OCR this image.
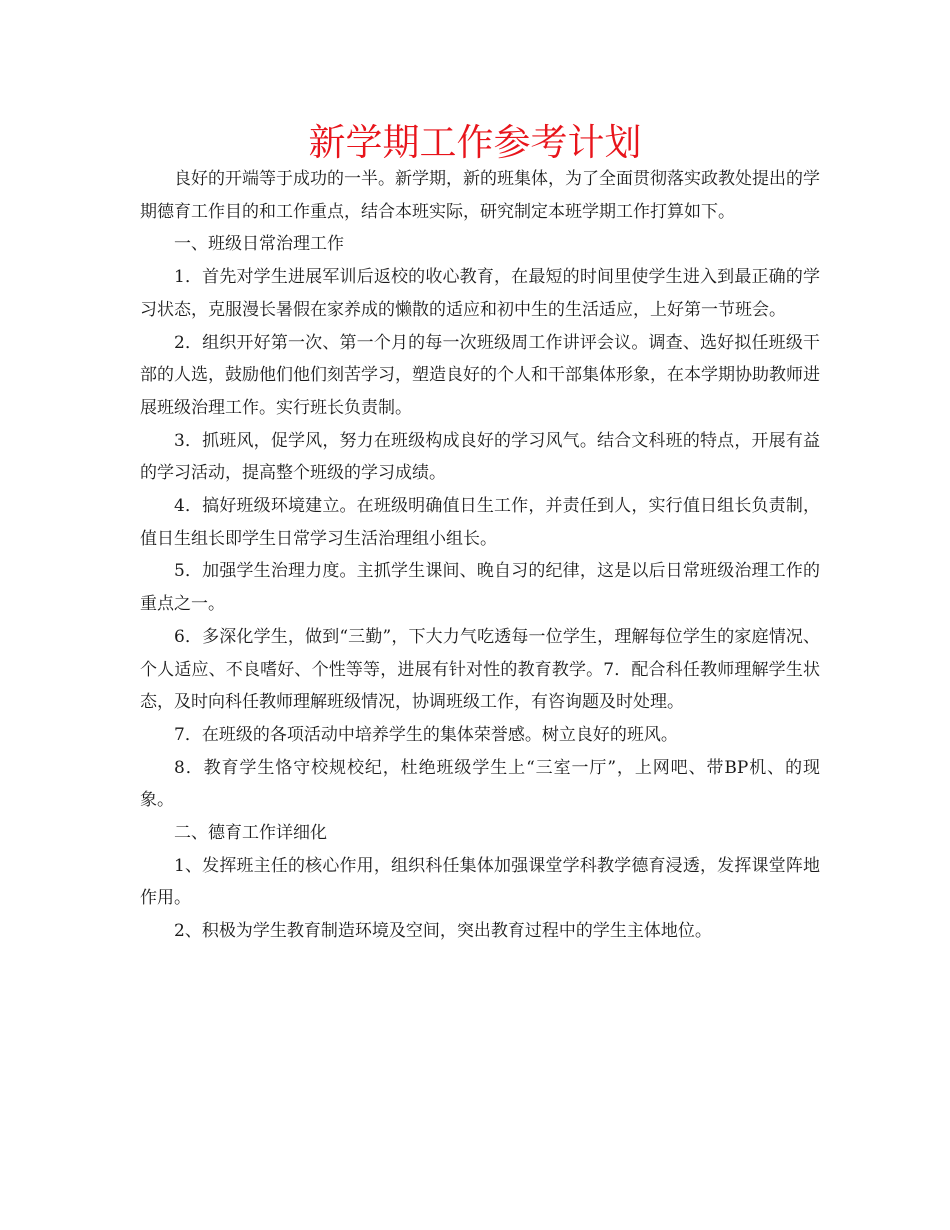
新学期工作参考计划

良好的开端等于成功的一半。新学期，新的班集体，为了全面贯彻落实政教处提出的学期德育工作目的和工作重点，结合本班实际，研究制定本班学期工作打算如下。

一、班级日常治理工作

1．首先对学生进展军训后返校的收心教育，在最短的时间里使学生进入到最正确的学习状态，克服漫长暑假在家养成的懒散的适应和初中生的生活适应，上好第一节班会。

2．组织开好第一次、第一个月的每一次班级周工作讲评会议。调查、选好拟任班级干部的人选，鼓励他们他们刻苦学习，塑造良好的个人和干部集体形象，在本学期协助教师进展班级治理工作。实行班长负责制。

3．抓班风，促学风，努力在班级构成良好的学习风气。结合文科班的特点，开展有益的学习活动，提高整个班级的学习成绩。

4．搞好班级环境建立。在班级明确值日生工作，并责任到人，实行值日组长负责制，值日生组长即学生日常学习生活治理组小组长。

5．加强学生治理力度。主抓学生课间、晚自习的纪律，这是以后日常班级治理工作的重点之一。

6．多深化学生，做到“三勤”，下大力气吃透每一位学生，理解每位学生的家庭情况、个人适应、不良嗜好、个性等等，进展有针对性的教育教学。7．配合科任教师理解学生状态，及时向科任教师理解班级情况，协调班级工作，有咨询题及时处理。

7．在班级的各项活动中培养学生的集体荣誉感。树立良好的班风。

8．教育学生恪守校规校纪，杜绝班级学生上“三室一厅”，上网吧、带BP机、的现象。

二、德育工作详细化

1、发挥班主任的核心作用，组织科任集体加强课堂学科教学德育浸透，发挥课堂阵地作用。

2、积极为学生教育制造环境及空间，突出教育过程中的学生主体地位。
